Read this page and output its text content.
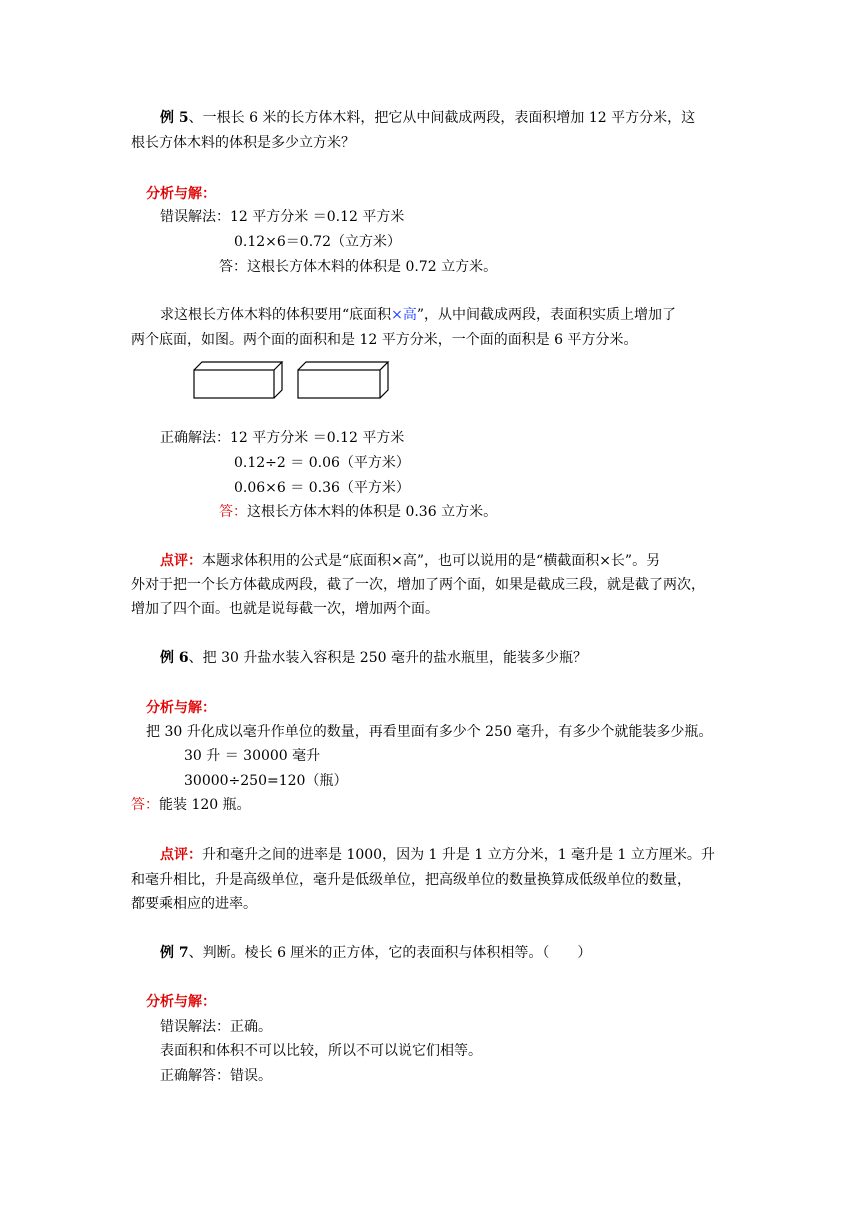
例 5、一根长 6 米的长方体木料，把它从中间截成两段，表面积增加 12 平方分米，这
根长方体木料的体积是多少立方米？
分析与解：
错误解法：12 平方分米 ＝0.12 平方米
0.12×6＝0.72（立方米）
答：这根长方体木料的体积是 0.72 立方米。
求这根长方体木料的体积要用“底面积×高”，从中间截成两段，表面积实质上增加了
两个底面，如图。两个面的面积和是 12 平方分米，一个面的面积是 6 平方分米。
正确解法：12 平方分米 ＝0.12 平方米
0.12÷2 ＝ 0.06（平方米）
0.06×6 ＝ 0.36（平方米）
答：这根长方体木料的体积是 0.36 立方米。
点评：本题求体积用的公式是“底面积×高”，也可以说用的是“横截面积×长”。另
外对于把一个长方体截成两段，截了一次，增加了两个面，如果是截成三段，就是截了两次，
增加了四个面。也就是说每截一次，增加两个面。
例 6、把 30 升盐水装入容积是 250 毫升的盐水瓶里，能装多少瓶？
分析与解：
把 30 升化成以毫升作单位的数量，再看里面有多少个 250 毫升，有多少个就能装多少瓶。
30 升 ＝ 30000 毫升
30000÷250=120（瓶）
答：能装 120 瓶。
点评：升和毫升之间的进率是 1000，因为 1 升是 1 立方分米，1 毫升是 1 立方厘米。升
和毫升相比，升是高级单位，毫升是低级单位，把高级单位的数量换算成低级单位的数量，
都要乘相应的进率。
例 7、判断。棱长 6 厘米的正方体，它的表面积与体积相等。（　　）
分析与解：
错误解法：正确。
表面积和体积不可以比较，所以不可以说它们相等。
正确解答：错误。
